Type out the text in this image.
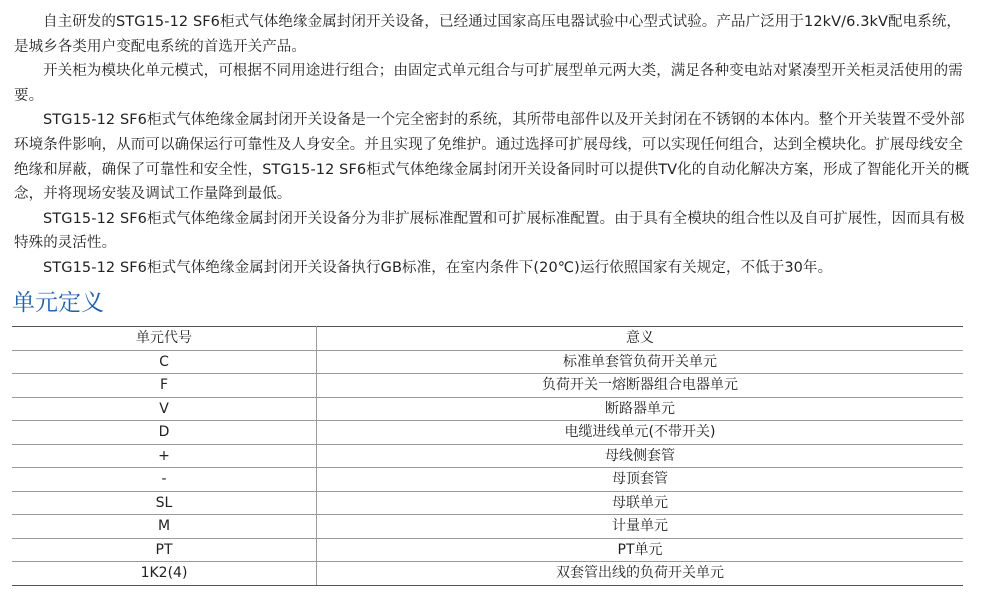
自主研发的STG15-12 SF6柜式气体绝缘金属封闭开关设备，已经通过国家高压电器试验中心型式试验。产品广泛用于12kV/6.3kV配电系统，是城乡各类用户变配电系统的首选开关产品。

开关柜为模块化单元模式，可根据不同用途进行组合；由固定式单元组合与可扩展型单元两大类，满足各种变电站对紧凑型开关柜灵活使用的需要。

STG15-12 SF6柜式气体绝缘金属封闭开关设备是一个完全密封的系统，其所带电部件以及开关封闭在不锈钢的本体内。整个开关装置不受外部环境条件影响，从而可以确保运行可靠性及人身安全。并且实现了免维护。通过选择可扩展母线，可以实现任何组合，达到全模块化。扩展母线安全绝缘和屏蔽，确保了可靠性和安全性，STG15-12 SF6柜式气体绝缘金属封闭开关设备同时可以提供TV化的自动化解决方案，形成了智能化开关的概念，并将现场安装及调试工作量降到最低。

STG15-12 SF6柜式气体绝缘金属封闭开关设备分为非扩展标准配置和可扩展标准配置。由于具有全模块的组合性以及自可扩展性，因而具有极特殊的灵活性。

STG15-12 SF6柜式气体绝缘金属封闭开关设备执行GB标准，在室内条件下(20℃)运行依照国家有关规定，不低于30年。

单元定义
单元代号	意义
C	标准单套管负荷开关单元
F	负荷开关一熔断器组合电器单元
V	断路器单元
D	电缆进线单元(不带开关)
+	母线侧套管
-	母顶套管
SL	母联单元
M	计量单元
PT	PT单元
1K2(4)	双套管出线的负荷开关单元
